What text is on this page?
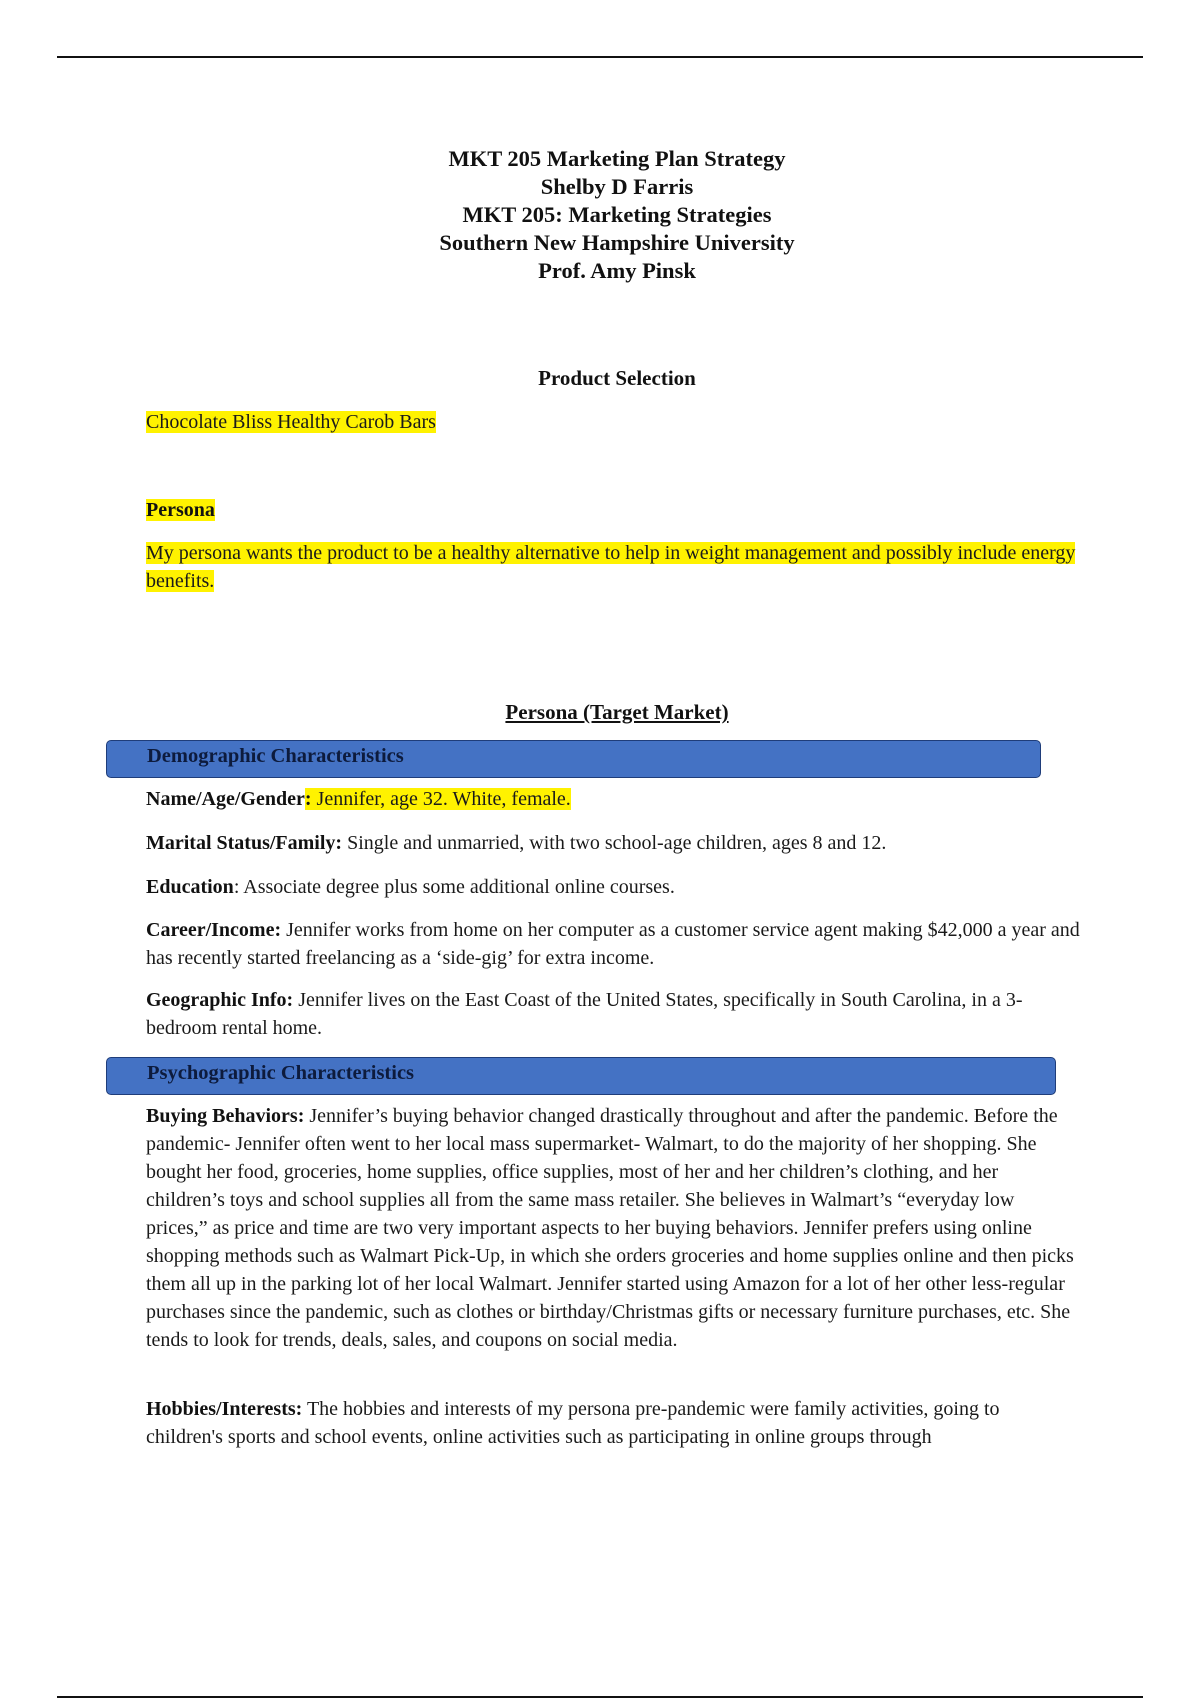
MKT 205 Marketing Plan Strategy
Shelby D Farris
MKT 205: Marketing Strategies
Southern New Hampshire University
Prof. Amy Pinsk
Product Selection
Chocolate Bliss Healthy Carob Bars
Persona
My persona wants the product to be a healthy alternative to help in weight management and possibly include energy benefits.
Persona (Target Market)
Demographic Characteristics
Name/Age/Gender: Jennifer, age 32. White, female.
Marital Status/Family: Single and unmarried, with two school-age children, ages 8 and 12.
Education: Associate degree plus some additional online courses.
Career/Income: Jennifer works from home on her computer as a customer service agent making $42,000 a year and has recently started freelancing as a ‘side-gig’ for extra income.
Geographic Info: Jennifer lives on the East Coast of the United States, specifically in South Carolina, in a 3-bedroom rental home.
Psychographic Characteristics
Buying Behaviors: Jennifer’s buying behavior changed drastically throughout and after the pandemic. Before the pandemic- Jennifer often went to her local mass supermarket- Walmart, to do the majority of her shopping. She bought her food, groceries, home supplies, office supplies, most of her and her children’s clothing, and her children’s toys and school supplies all from the same mass retailer. She believes in Walmart’s “everyday low prices,” as price and time are two very important aspects to her buying behaviors. Jennifer prefers using online shopping methods such as Walmart Pick-Up, in which she orders groceries and home supplies online and then picks them all up in the parking lot of her local Walmart. Jennifer started using Amazon for a lot of her other less-regular purchases since the pandemic, such as clothes or birthday/Christmas gifts or necessary furniture purchases, etc. She tends to look for trends, deals, sales, and coupons on social media.
Hobbies/Interests: The hobbies and interests of my persona pre-pandemic were family activities, going to children's sports and school events, online activities such as participating in online groups through
